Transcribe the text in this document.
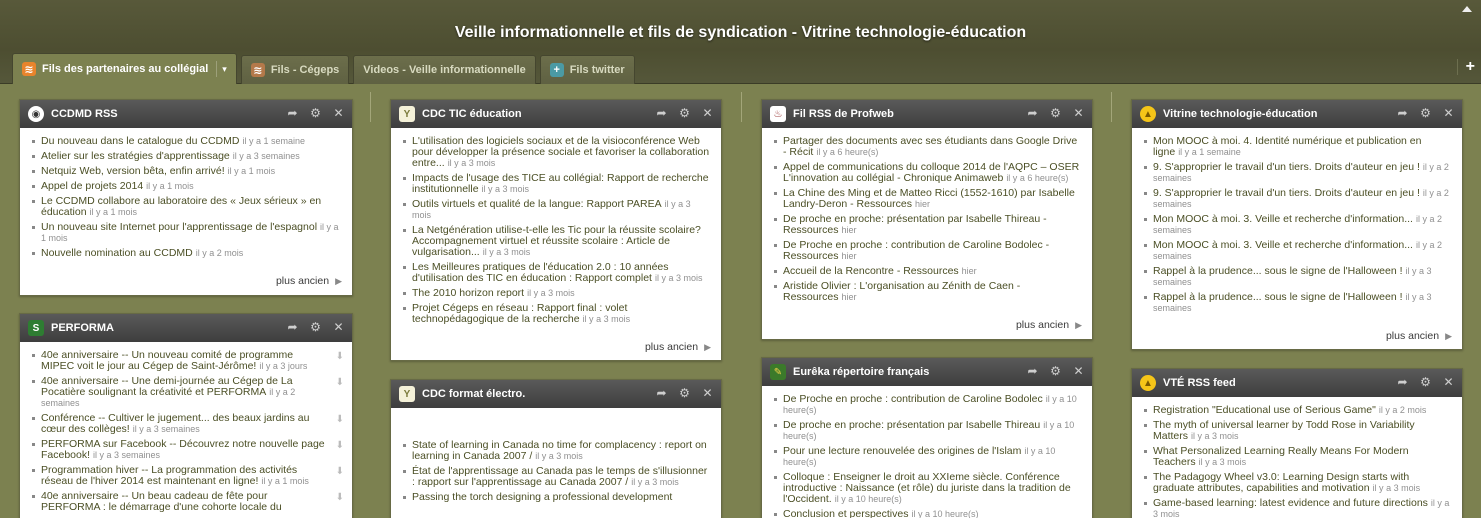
Veille informationnelle et fils de syndication - Vitrine technologie-éducation
≋ Fils des partenaires au collégial	▾ ≋ Fils - Cégeps Videos - Veille informationnelle	+ Fils twitter	+
◉ CCDMD RSS	➦ ⚙ ✕
Du nouveau dans le catalogue du CCDMD il y a 1 semaine
Atelier sur les stratégies d'apprentissage il y a 3 semaines
Netquiz Web, version bêta, enfin arrivé! il y a 1 mois
Appel de projets 2014 il y a 1 mois
Le CCDMD collabore au laboratoire des « Jeux sérieux » en éducation il y a 1 mois
Un nouveau site Internet pour l'apprentissage de l'espagnol il y a 1 mois
Nouvelle nomination au CCDMD il y a 2 mois
plus ancien ▶
S	PERFORMA	➦ ⚙ ✕
40e anniversaire -- Un nouveau comité de programme MIPEC voit le jour au Cégep de Saint-Jérôme! il y a 3 jours
⬇
40e anniversaire -- Une demi-journée au Cégep de La Pocatière soulignant la créativité et PERFORMA il y a 2 semaines
⬇
Conférence -- Cultiver le jugement... des beaux jardins au cœur des collèges! il y a 3 semaines
⬇
PERFORMA sur Facebook -- Découvrez notre nouvelle page Facebook! il y a 3 semaines
⬇
Programmation hiver -- La programmation des activités réseau de l'hiver 2014 est maintenant en ligne! il y a 1 mois
⬇
40e anniversaire -- Un beau cadeau de fête pour PERFORMA : le démarrage d'une cohorte locale du
⬇
Y	CDC TIC éducation	➦ ⚙ ✕
L'utilisation des logiciels sociaux et de la visioconférence Web pour développer la présence sociale et favoriser la collaboration entre... il y a 3 mois
Impacts de l'usage des TICE au collégial: Rapport de recherche institutionnelle il y a 3 mois
Outils virtuels et qualité de la langue: Rapport PAREA il y a 3 mois
La Netgénération utilise-t-elle les Tic pour la réussite scolaire? Accompagnement virtuel et réussite scolaire : Article de vulgarisation... il y a 3 mois
Les Meilleures pratiques de l'éducation 2.0 : 10 années d'utilisation des TIC en éducation : Rapport complet il y a 3 mois
The 2010 horizon report il y a 3 mois
Projet Cégeps en réseau : Rapport final : volet technopédagogique de la recherche il y a 3 mois
plus ancien ▶
Y	CDC format électro.	➦ ⚙ ✕
State of learning in Canada no time for complacency : report on learning in Canada 2007 / il y a 3 mois
État de l'apprentissage au Canada pas le temps de s'illusionner : rapport sur l'apprentissage au Canada 2007 / il y a 3 mois
Passing the torch designing a professional development
♨ Fil RSS de Profweb	➦ ⚙ ✕
Partager des documents avec ses étudiants dans Google Drive - Récit il y a 6 heure(s)
Appel de communications du colloque 2014 de l'AQPC – OSER L'innovation au collégial - Chronique Animaweb il y a 6 heure(s)
La Chine des Ming et de Matteo Ricci (1552-1610) par Isabelle Landry-Deron - Ressources hier
De proche en proche: présentation par Isabelle Thireau - Ressources hier
De Proche en proche : contribution de Caroline Bodolec - Ressources hier
Accueil de la Rencontre - Ressources hier
Aristide Olivier : L'organisation au Zénith de Caen - Ressources hier
plus ancien ▶
✎ Eurêka répertoire français	➦ ⚙ ✕
De Proche en proche : contribution de Caroline Bodolec il y a 10 heure(s)
De proche en proche: présentation par Isabelle Thireau il y a 10 heure(s)
Pour une lecture renouvelée des origines de l'Islam il y a 10 heure(s)
Colloque : Enseigner le droit au XXIeme siècle. Conférence introductive : Naissance (et rôle) du juriste dans la tradition de l'Occident. il y a 10 heure(s)
Conclusion et perspectives il y a 10 heure(s)
▲ Vitrine technologie-éducation	➦ ⚙ ✕
Mon MOOC à moi. 4. Identité numérique et publication en ligne il y a 1 semaine
9. S'approprier le travail d'un tiers. Droits d'auteur en jeu ! il y a 2 semaines
9. S'approprier le travail d'un tiers. Droits d'auteur en jeu ! il y a 2 semaines
Mon MOOC à moi. 3. Veille et recherche d'information... il y a 2 semaines
Mon MOOC à moi. 3. Veille et recherche d'information... il y a 2 semaines
Rappel à la prudence... sous le signe de l'Halloween ! il y a 3 semaines
Rappel à la prudence... sous le signe de l'Halloween ! il y a 3 semaines
plus ancien ▶
▲ VTÉ RSS feed	➦ ⚙ ✕
Registration "Educational use of Serious Game" il y a 2 mois
The myth of universal learner by Todd Rose in Variability Matters il y a 3 mois
What Personalized Learning Really Means For Modern Teachers il y a 3 mois
The Padagogy Wheel v3.0: Learning Design starts with graduate attributes, capabilities and motivation il y a 3 mois
Game-based learning: latest evidence and future directions il y a 3 mois
